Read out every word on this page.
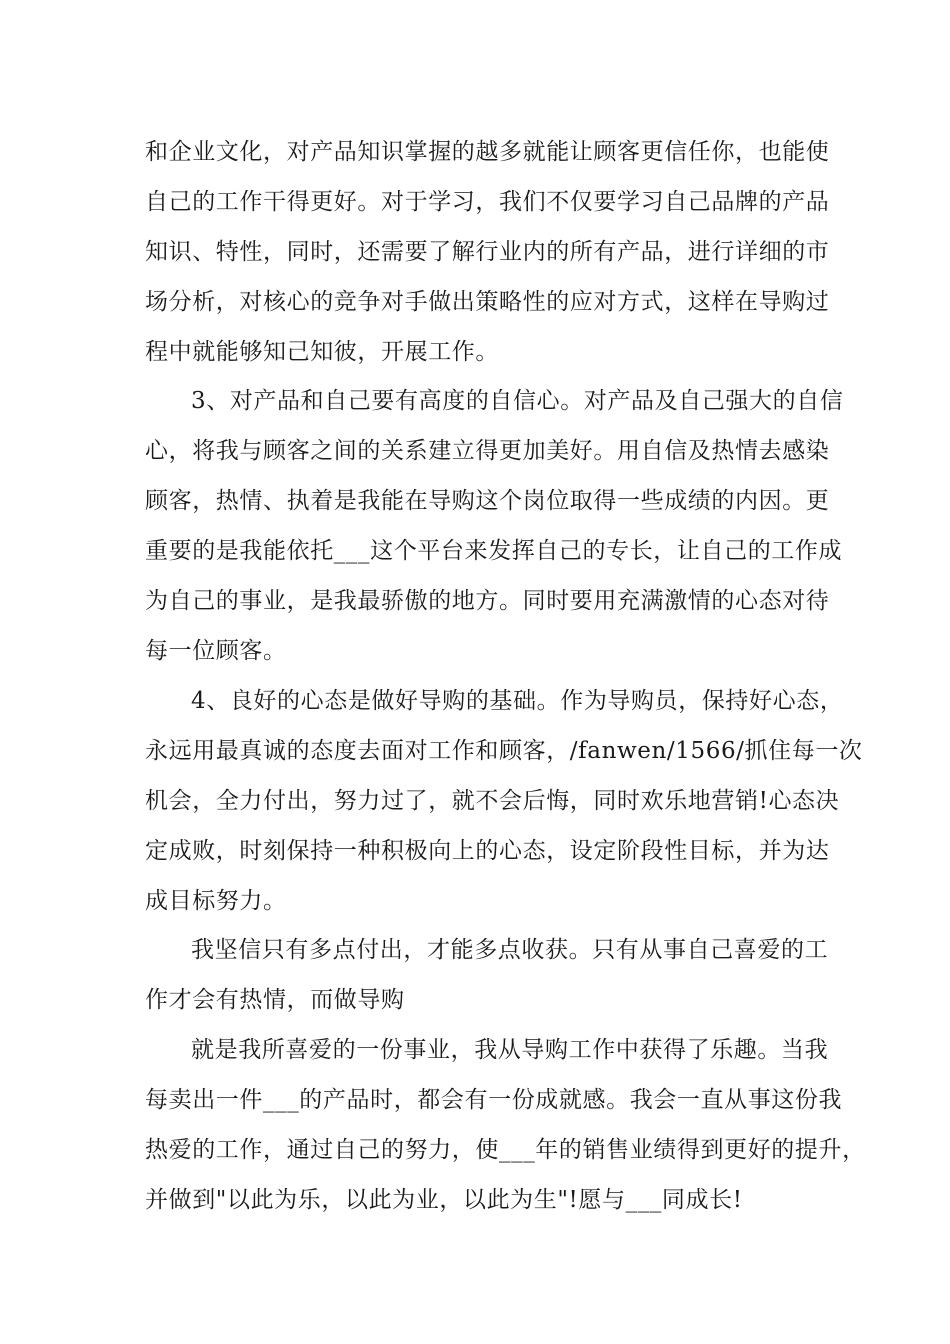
和企业文化，对产品知识掌握的越多就能让顾客更信任你，也能使
自己的工作干得更好。对于学习，我们不仅要学习自己品牌的产品
知识、特性，同时，还需要了解行业内的所有产品，进行详细的市
场分析，对核心的竞争对手做出策略性的应对方式，这样在导购过
程中就能够知己知彼，开展工作。
3、对产品和自己要有高度的自信心。对产品及自己强大的自信
心，将我与顾客之间的关系建立得更加美好。用自信及热情去感染
顾客，热情、执着是我能在导购这个岗位取得一些成绩的内因。更
重要的是我能依托___这个平台来发挥自己的专长，让自己的工作成
为自己的事业，是我最骄傲的地方。同时要用充满激情的心态对待
每一位顾客。
4、良好的心态是做好导购的基础。作为导购员，保持好心态，
永远用最真诚的态度去面对工作和顾客，/fanwen/1566/抓住每一次
机会，全力付出，努力过了，就不会后悔，同时欢乐地营销!心态决
定成败，时刻保持一种积极向上的心态，设定阶段性目标，并为达
成目标努力。
我坚信只有多点付出，才能多点收获。只有从事自己喜爱的工
作才会有热情，而做导购
就是我所喜爱的一份事业，我从导购工作中获得了乐趣。当我
每卖出一件___的产品时，都会有一份成就感。我会一直从事这份我
热爱的工作，通过自己的努力，使___年的销售业绩得到更好的提升，
并做到"以此为乐，以此为业，以此为生"!愿与___同成长!
